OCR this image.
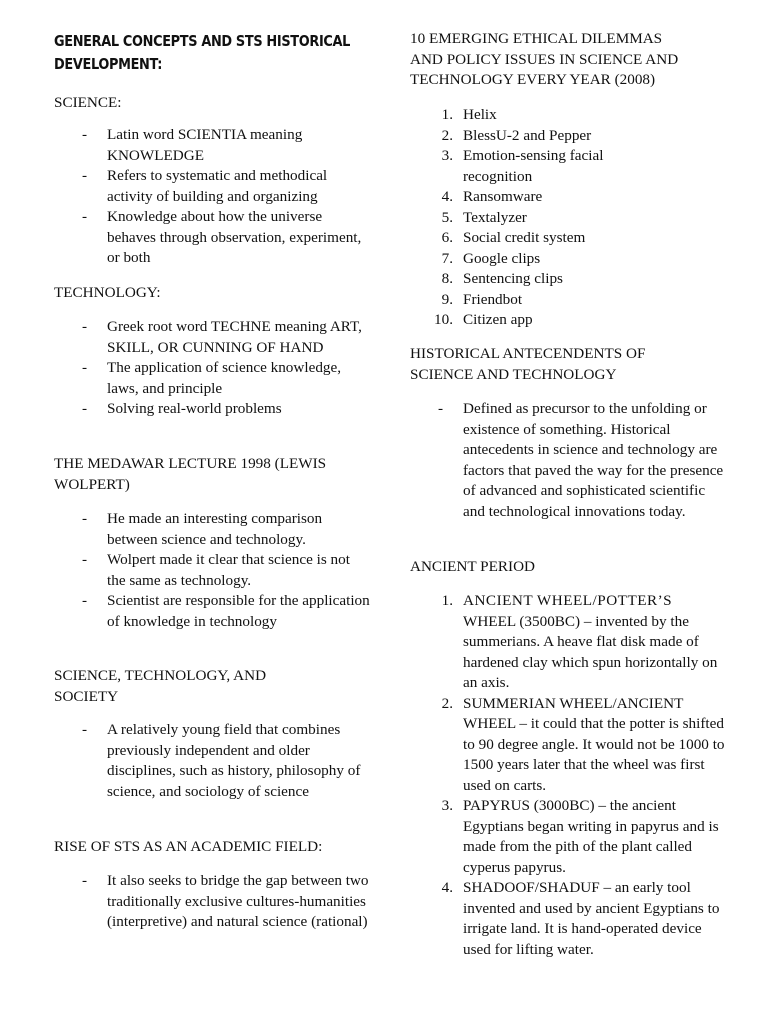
GENERAL CONCEPTS AND STS HISTORICAL
DEVELOPMENT:
SCIENCE:
- Latin word SCIENTIA meaning KNOWLEDGE
- Refers to systematic and methodical activity of building and organizing
- Knowledge about how the universe behaves through observation, experiment, or both
TECHNOLOGY:
- Greek root word TECHNE meaning ART, SKILL, OR CUNNING OF HAND
- The application of science knowledge, laws, and principle
- Solving real-world problems
THE MEDAWAR LECTURE 1998 (LEWIS
WOLPERT)
- He made an interesting comparison between science and technology.
- Wolpert made it clear that science is not the same as technology.
- Scientist are responsible for the application of knowledge in technology
SCIENCE, TECHNOLOGY, AND
SOCIETY
- A relatively young field that combines previously independent and older disciplines, such as history, philosophy of science, and sociology of science
RISE OF STS AS AN ACADEMIC FIELD:
- It also seeks to bridge the gap between two traditionally exclusive cultures-humanities (interpretive) and natural science (rational)
10 EMERGING ETHICAL DILEMMAS
AND POLICY ISSUES IN SCIENCE AND
TECHNOLOGY EVERY YEAR (2008)
1. Helix
2. BlessU-2 and Pepper
3. Emotion-sensing facial recognition
4. Ransomware
5. Textalyzer
6. Social credit system
7. Google clips
8. Sentencing clips
9. Friendbot
10. Citizen app
HISTORICAL ANTECENDENTS OF
SCIENCE AND TECHNOLOGY
- Defined as precursor to the unfolding or existence of something. Historical antecedents in science and technology are factors that paved the way for the presence of advanced and sophisticated scientific and technological innovations today.
ANCIENT PERIOD
1. ANCIENT WHEEL/POTTER’S
WHEEL (3500BC) – invented by the summerians. A heave flat disk made of hardened clay which spun horizontally on an axis.
2. SUMMERIAN WHEEL/ANCIENT WHEEL – it could that the potter is shifted to 90 degree angle. It would not be 1000 to 1500 years later that the wheel was first used on carts.
3. PAPYRUS (3000BC) – the ancient Egyptians began writing in papyrus and is made from the pith of the plant called cyperus papyrus.
4. SHADOOF/SHADUF – an early tool invented and used by ancient Egyptians to irrigate land. It is hand-operated device used for lifting water.
